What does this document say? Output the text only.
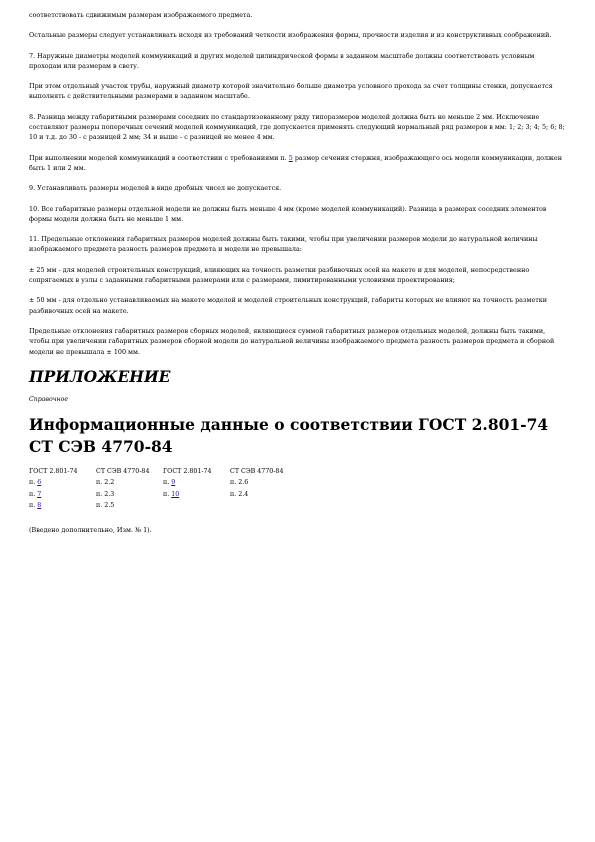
соответствовать сдвижимым размерам изображаемого предмета.

Остальные размеры следует устанавливать исходя из требований четкости изображения формы, прочности изделия и из конструктивных соображений.

7. Наружные диаметры моделей коммуникаций и других моделей цилиндрической формы в заданном масштабе должны соответствовать условным проходам или размерам в свету.

При этом отдельный участок трубы, наружный диаметр которой значительно больше диаметра условного прохода за счет толщины стенки, допускается выполнять с действительными размерами в заданном масштабе.

8. Разница между габаритными размерами соседних по стандартизованному ряду типоразмеров моделей должна быть не меньше 2 мм. Исключение составляют размеры поперечных сечений моделей коммуникаций, где допускается применять следующий нормальный ряд размеров в мм: 1; 2; 3; 4; 5; 6; 8; 10 и т.д. до 30 - с разницей 2 мм; 34 и выше - с разницей не менее 4 мм.

При выполнении моделей коммуникаций в соответствии с требованиями п. 5 размер сечения стержня, изображающего ось модели коммуникации, должен быть 1 или 2 мм.

9. Устанавливать размеры моделей в виде дробных чисел не допускается.

10. Все габаритные размеры отдельной модели не должны быть меньше 4 мм (кроме моделей коммуникаций). Разница в размерах соседних элементов формы модели должна быть не меньше 1 мм.

11. Предельные отклонения габаритных размеров моделей должны быть такими, чтобы при увеличении размеров модели до натуральной величины изображаемого предмета разность размеров предмета и модели не превышала:

± 25 мм - для моделей строительных конструкций, влияющих на точность разметки разбивочных осей на макете и для моделей, непосредственно сопрягаемых в узлы с заданными габаритными размерами или с размерами, лимитированными условиями проектирования;

± 50 мм - для отдельно устанавливаемых на макете моделей и моделей строительных конструкций, габариты которых не влияют на точность разметки разбивочных осей на макете.

Предельные отклонения габаритных размеров сборных моделей, являющиеся суммой габаритных размеров отдельных моделей, должны быть такими, чтобы при увеличении габаритных размеров сборной модели до натуральной величины изображаемого предмета разность размеров предмета и сборной модели не превышала ± 100 мм.

ПРИЛОЖЕНИЕ

Справочное

Информационные данные о соответствии ГОСТ 2.801-74 СТ СЭВ 4770-84
ГОСТ 2.801-74	СТ СЭВ 4770-84	ГОСТ 2.801-74	СТ СЭВ 4770-84
п. 6	п. 2.2	п. 9	п. 2.6
п. 7	п. 2.3	п. 10	п. 2.4
п. 8	п. 2.5		

(Введено дополнительно, Изм. № 1).
